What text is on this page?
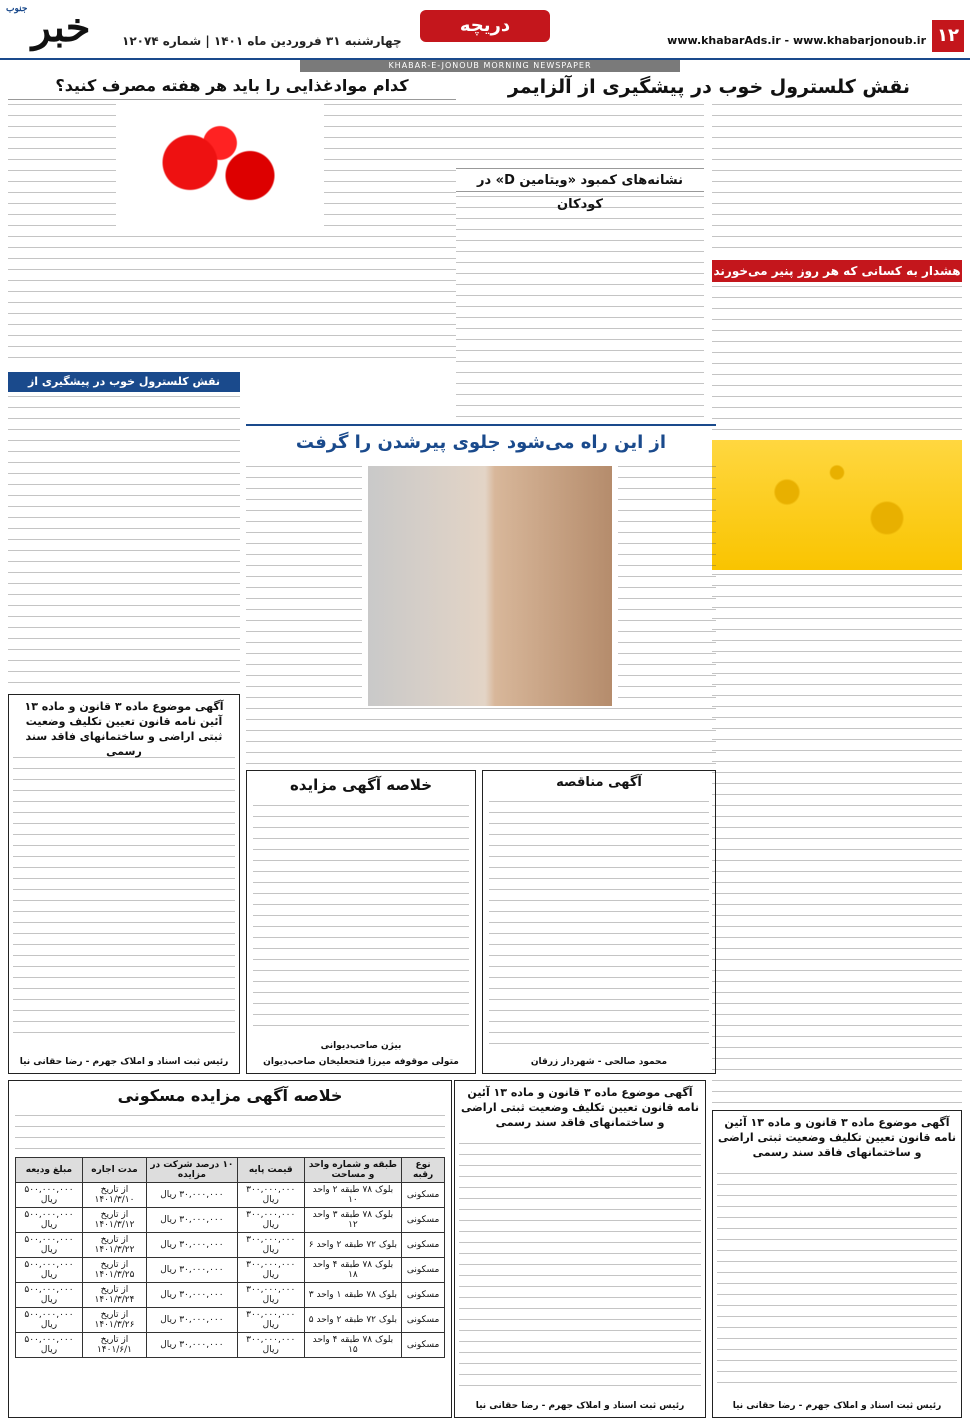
جنوب خبر	چهارشنبه ۳۱ فروردین ماه ۱۴۰۱ | شماره ۱۲۰۷۴
دریچه
www.khabarAds.ir - www.khabarjonoub.ir ۱۲
KHABAR-E-JONOUB MORNING NEWSPAPER
نقش کلسترول خوب در پیشگیری از آلزایمر
نشانه‌های کمبود «ویتامین D» در کودکان
هشدار به کسانی که هر روز پنیر می‌خورند
کدام موادغذایی را باید هر هفته مصرف کنید؟
نقش کلسترول خوب در پیشگیری از آلزایمر
از این راه می‌شود جلوی پیرشدن را گرفت
آگهی موضوع ماده ۳ قانون و ماده ۱۳ آئین نامه قانون تعیین تکلیف وضعیت ثبتی اراضی و ساختمانهای فاقد سند رسمی
رئیس ثبت اسناد و املاک جهرم - رضا حقانی نیا
خلاصه آگهی مزایده
بیژن صاحب‌دیوانی
متولی موقوفه میرزا فتحعلیخان صاحب‌دیوان
آگهی مناقصه
محمود صالحی - شهردار زرقان
آگهی موضوع ماده ۳ قانون و ماده ۱۳ آئین نامه قانون تعیین تکلیف وضعیت ثبتی اراضی و ساختمانهای فاقد سند رسمی
رئیس ثبت اسناد و املاک جهرم - رضا حقانی نیا
آگهی موضوع ماده ۳ قانون و ماده ۱۳ آئین نامه قانون تعیین تکلیف وضعیت ثبتی اراضی و ساختمانهای فاقد سند رسمی
رئیس ثبت اسناد و املاک جهرم - رضا حقانی نیا
خلاصه آگهی مزایده مسکونی
نوع رقبه	طبقه و شماره واحد و مساحت	قیمت پایه	۱۰ درصد شرکت در مزایده	مدت اجاره	مبلغ ودیعه
مسکونی	بلوک ۷۸ طبقه ۲ واحد ۱۰	۳۰۰,۰۰۰,۰۰۰ ریال	۳۰,۰۰۰,۰۰۰ ریال	از تاریخ ۱۴۰۱/۳/۱۰	۵۰۰,۰۰۰,۰۰۰ ریال
مسکونی	بلوک ۷۸ طبقه ۳ واحد ۱۲	۳۰۰,۰۰۰,۰۰۰ ریال	۳۰,۰۰۰,۰۰۰ ریال	از تاریخ ۱۴۰۱/۳/۱۲	۵۰۰,۰۰۰,۰۰۰ ریال
مسکونی	بلوک ۷۲ طبقه ۲ واحد ۶	۳۰۰,۰۰۰,۰۰۰ ریال	۳۰,۰۰۰,۰۰۰ ریال	از تاریخ ۱۴۰۱/۳/۲۲	۵۰۰,۰۰۰,۰۰۰ ریال
مسکونی	بلوک ۷۸ طبقه ۴ واحد ۱۸	۳۰۰,۰۰۰,۰۰۰ ریال	۳۰,۰۰۰,۰۰۰ ریال	از تاریخ ۱۴۰۱/۳/۲۵	۵۰۰,۰۰۰,۰۰۰ ریال
مسکونی	بلوک ۷۸ طبقه ۱ واحد ۳	۳۰۰,۰۰۰,۰۰۰ ریال	۳۰,۰۰۰,۰۰۰ ریال	از تاریخ ۱۴۰۱/۳/۲۴	۵۰۰,۰۰۰,۰۰۰ ریال
مسکونی	بلوک ۷۲ طبقه ۲ واحد ۵	۳۰۰,۰۰۰,۰۰۰ ریال	۳۰,۰۰۰,۰۰۰ ریال	از تاریخ ۱۴۰۱/۳/۲۶	۵۰۰,۰۰۰,۰۰۰ ریال
مسکونی	بلوک ۷۸ طبقه ۴ واحد ۱۵	۳۰۰,۰۰۰,۰۰۰ ریال	۳۰,۰۰۰,۰۰۰ ریال	از تاریخ ۱۴۰۱/۶/۱	۵۰۰,۰۰۰,۰۰۰ ریال
